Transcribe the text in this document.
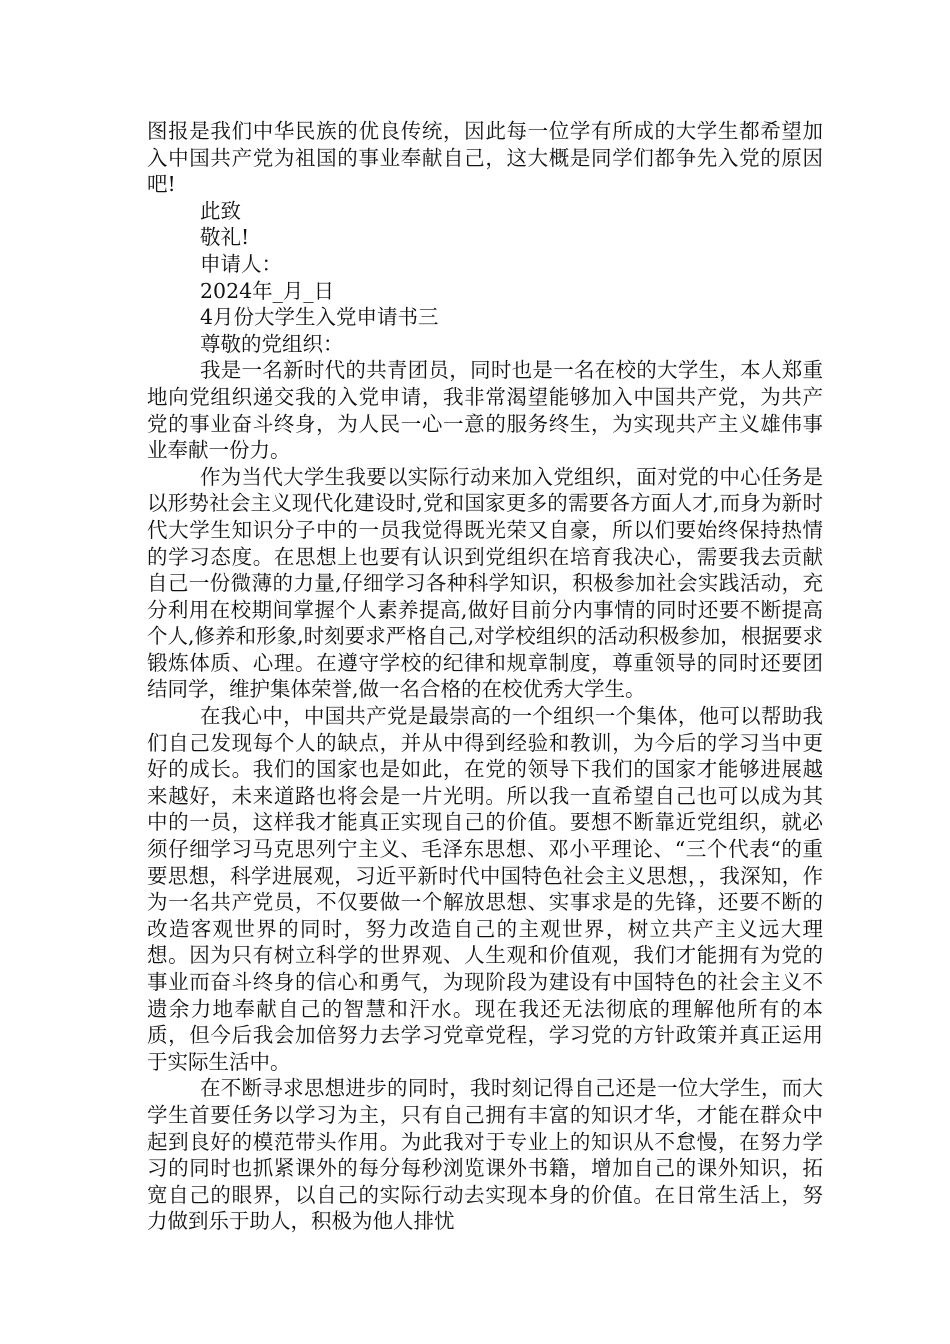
图报是我们中华民族的优良传统，因此每一位学有所成的大学生都希望加入中国共产党为祖国的事业奉献自己，这大概是同学们都争先入党的原因吧!

此致

敬礼!

申请人：

2024年_月_日

4月份大学生入党申请书三

尊敬的党组织：

我是一名新时代的共青团员，同时也是一名在校的大学生，本人郑重地向党组织递交我的入党申请，我非常渴望能够加入中国共产党，为共产党的事业奋斗终身，为人民一心一意的服务终生，为实现共产主义雄伟事业奉献一份力。

作为当代大学生我要以实际行动来加入党组织，面对党的中心任务是以形势社会主义现代化建设时,党和国家更多的需要各方面人才,而身为新时代大学生知识分子中的一员我觉得既光荣又自豪，所以们要始终保持热情的学习态度。在思想上也要有认识到党组织在培育我决心，需要我去贡献自己一份微薄的力量,仔细学习各种科学知识，积极参加社会实践活动，充分利用在校期间掌握个人素养提高,做好目前分内事情的同时还要不断提高个人,修养和形象,时刻要求严格自己,对学校组织的活动积极参加，根据要求锻炼体质、心理。在遵守学校的纪律和规章制度，尊重领导的同时还要团结同学，维护集体荣誉,做一名合格的在校优秀大学生。

在我心中，中国共产党是最崇高的一个组织一个集体，他可以帮助我们自己发现每个人的缺点，并从中得到经验和教训，为今后的学习当中更好的成长。我们的国家也是如此，在党的领导下我们的国家才能够进展越来越好，未来道路也将会是一片光明。所以我一直希望自己也可以成为其中的一员，这样我才能真正实现自己的价值。要想不断靠近党组织，就必须仔细学习马克思列宁主义、毛泽东思想、邓小平理论、“三个代表“的重要思想，科学进展观，习近平新时代中国特色社会主义思想，，我深知，作为一名共产党员，不仅要做一个解放思想、实事求是的先锋，还要不断的改造客观世界的同时，努力改造自己的主观世界，树立共产主义远大理想。因为只有树立科学的世界观、人生观和价值观，我们才能拥有为党的事业而奋斗终身的信心和勇气，为现阶段为建设有中国特色的社会主义不遗余力地奉献自己的智慧和汗水。现在我还无法彻底的理解他所有的本质，但今后我会加倍努力去学习党章党程，学习党的方针政策并真正运用于实际生活中。

在不断寻求思想进步的同时，我时刻记得自己还是一位大学生，而大学生首要任务以学习为主，只有自己拥有丰富的知识才华，才能在群众中起到良好的模范带头作用。为此我对于专业上的知识从不怠慢，在努力学习的同时也抓紧课外的每分每秒浏览课外书籍，增加自己的课外知识，拓宽自己的眼界，以自己的实际行动去实现本身的价值。在日常生活上，努力做到乐于助人，积极为他人排忧
